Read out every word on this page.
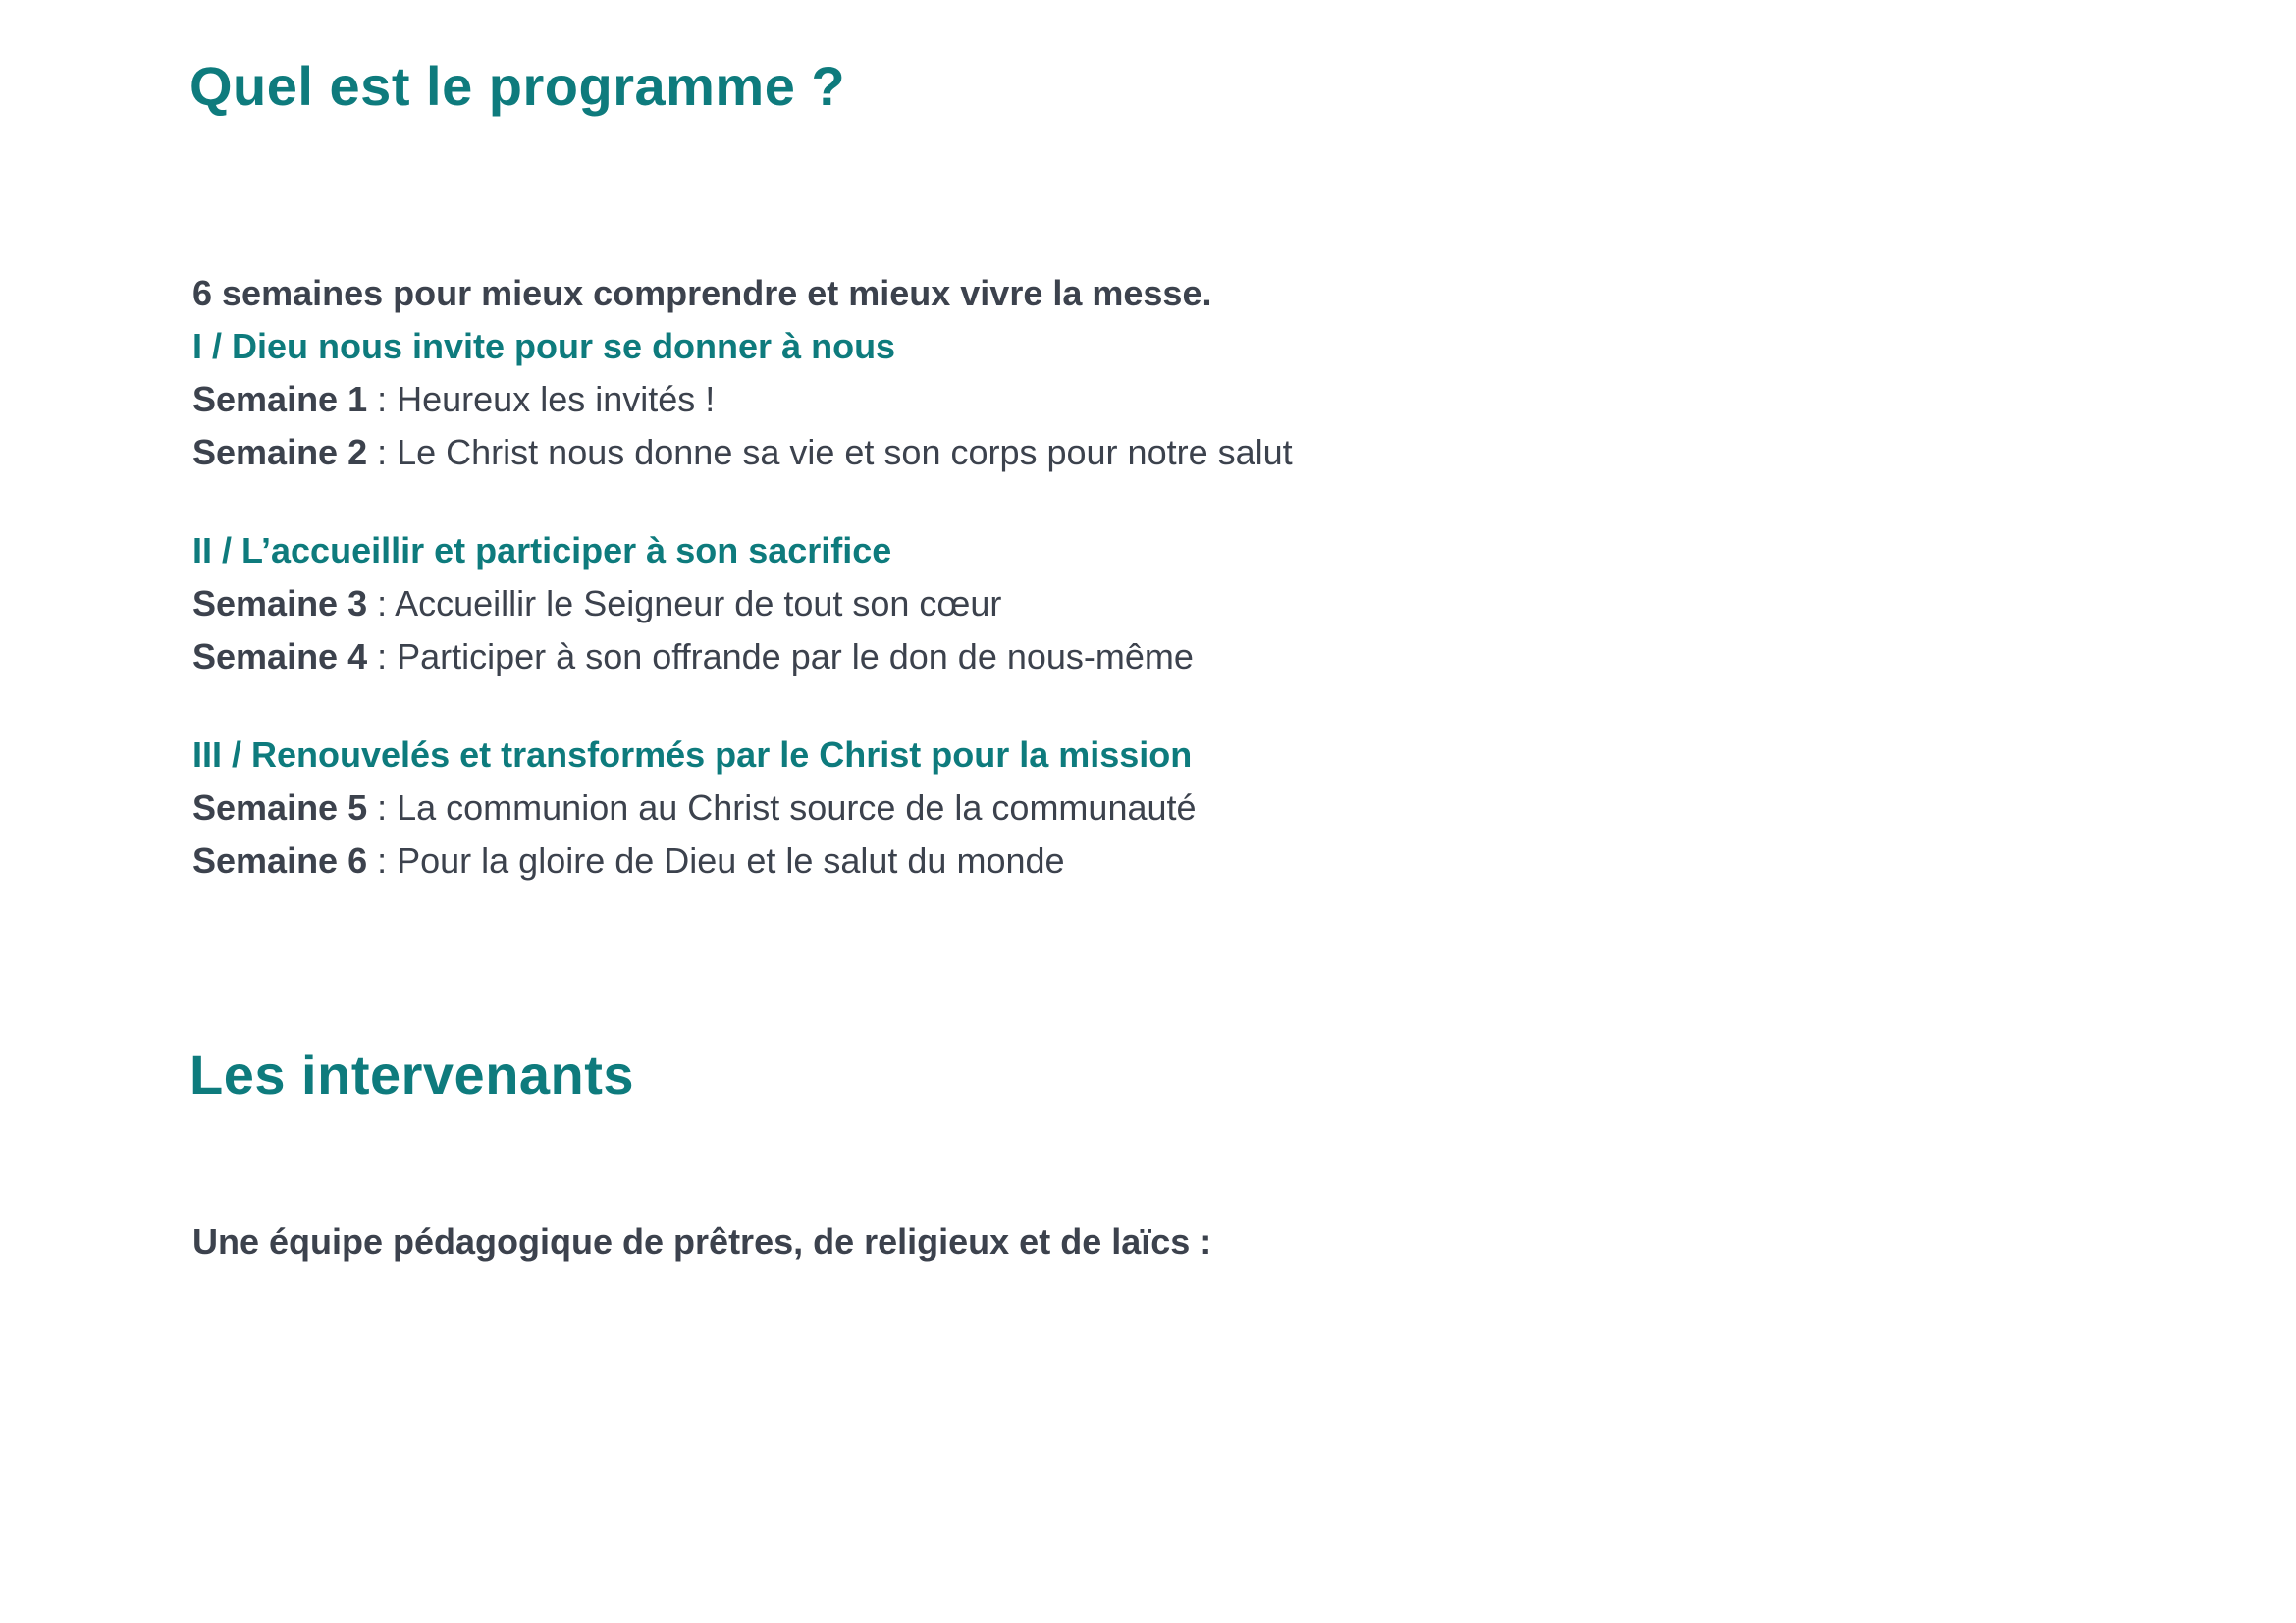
Quel est le programme ?
6 semaines pour mieux comprendre et mieux vivre la messe.
I / Dieu nous invite pour se donner à nous
Semaine 1 : Heureux les invités !
Semaine 2 : Le Christ nous donne sa vie et son corps pour notre salut
II / L’accueillir et participer à son sacrifice
Semaine 3 : Accueillir le Seigneur de tout son cœur
Semaine 4 : Participer à son offrande par le don de nous-même
III / Renouvelés et transformés par le Christ pour la mission
Semaine 5 : La communion au Christ source de la communauté
Semaine 6 : Pour la gloire de Dieu et le salut du monde
Les intervenants
Une équipe pédagogique de prêtres, de religieux et de laïcs :
